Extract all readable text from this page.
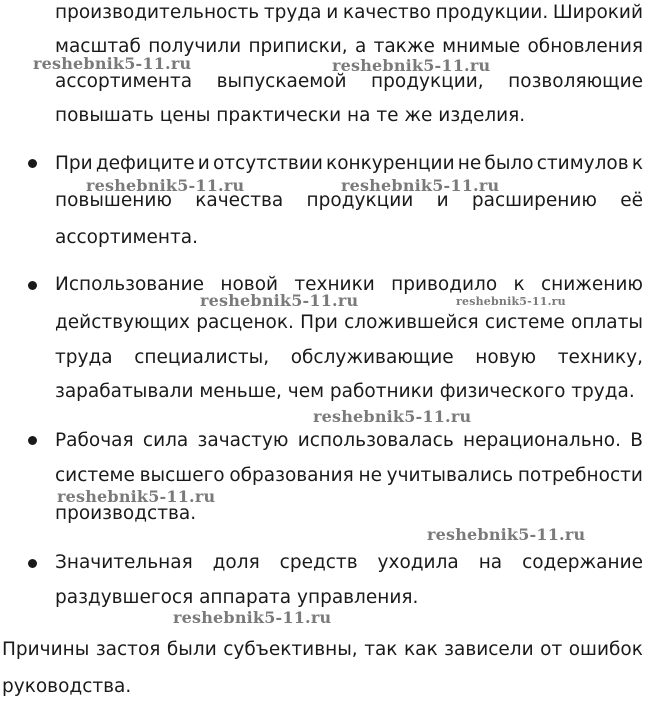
производительность труда и качество продукции. Широкий
масштаб получили приписки, а также мнимые обновления
ассортимента выпускаемой продукции, позволяющие
повышать цены практически на те же изделия.
При дефиците и отсутствии конкуренции не было стимулов к
повышению качества продукции и расширению её
ассортимента.
Использование новой техники приводило к снижению
действующих расценок. При сложившейся системе оплаты
труда специалисты, обслуживающие новую технику,
зарабатывали меньше, чем работники физического труда.
Рабочая сила зачастую использовалась нерационально. В
системе высшего образования не учитывались потребности
производства.
Значительная доля средств уходила на содержание
раздувшегося аппарата управления.
Причины застоя были субъективны, так как зависели от ошибок
руководства.
reshebnik5-11.ru	reshebnik5-11.ru
reshebnik5-11.ru	reshebnik5-11.ru
reshebnik5-11.ru	reshebnik5-11.ru
reshebnik5-11.ru
reshebnik5-11.ru
reshebnik5-11.ru
reshebnik5-11.ru
